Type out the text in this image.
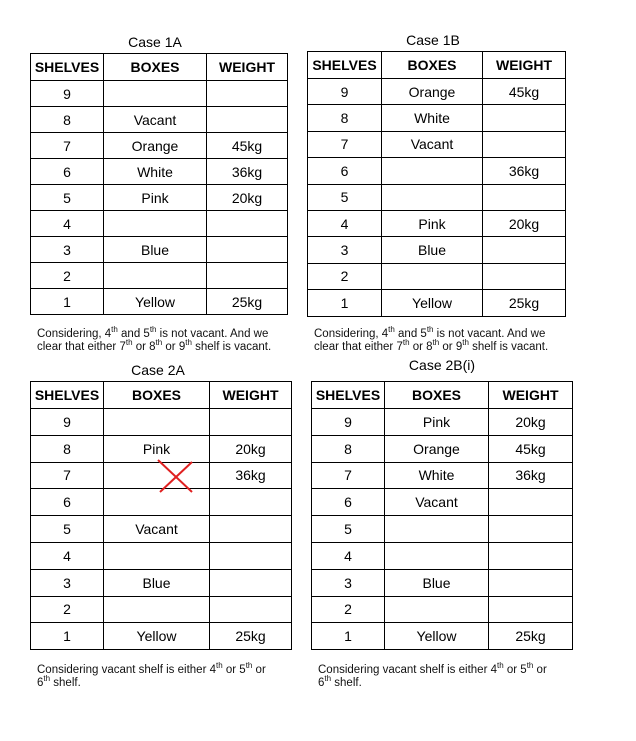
Case 1A
SHELVES	BOXES	WEIGHT
9		
8	Vacant	
7	Orange	45kg
6	White	36kg
5	Pink	20kg
4		
3	Blue	
2		
1	Yellow	25kg
Considering, 4th and 5th is not vacant. And we
clear that either 7th or 8th or 9th shelf is vacant.
Case 1B
SHELVES	BOXES	WEIGHT
9	Orange	45kg
8	White	
7	Vacant	
6		36kg
5		
4	Pink	20kg
3	Blue	
2		
1	Yellow	25kg
Considering, 4th and 5th is not vacant. And we
clear that either 7th or 8th or 9th shelf is vacant.
Case 2A
SHELVES	BOXES	WEIGHT
9		
8	Pink	20kg
7		36kg
6		
5	Vacant	
4		
3	Blue	
2		
1	Yellow	25kg
Considering vacant shelf is either 4th or 5th or
6th shelf.
Case 2B(i)
SHELVES	BOXES	WEIGHT
9	Pink	20kg
8	Orange	45kg
7	White	36kg
6	Vacant	
5		
4		
3	Blue	
2		
1	Yellow	25kg
Considering vacant shelf is either 4th or 5th or
6th shelf.
